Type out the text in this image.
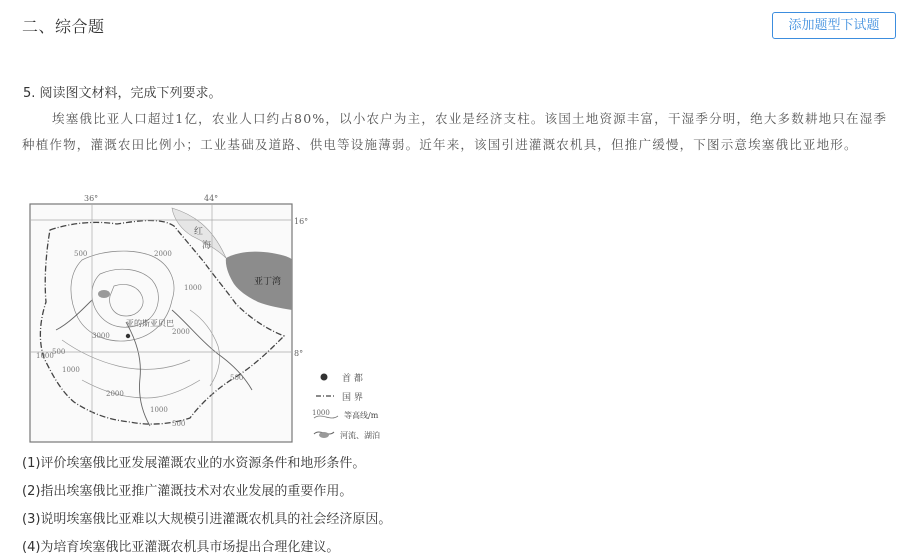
二、综合题	添加题型下试题
5. 阅读图文材料，完成下列要求。
埃塞俄比亚人口超过1亿，农业人口约占80%，以小农户为主，农业是经济支柱。该国土地资源丰富，干湿季分明，绝大多数耕地只在湿季种植作物，灌溉农田比例小；工业基础及道路、供电等设施薄弱。近年来，该国引进灌溉农机具，但推广缓慢，下图示意埃塞俄比亚地形。
36°	44°
16°
8°
红
海
亚丁湾
亚的斯亚贝巴
2000
500
1000
3000	2000
1000
500
500
1000
2000
1000
500
首 都
国 界
1000 等高线/m
河流、湖泊
(1)评价埃塞俄比亚发展灌溉农业的水资源条件和地形条件。
(2)指出埃塞俄比亚推广灌溉技术对农业发展的重要作用。
(3)说明埃塞俄比亚难以大规模引进灌溉农机具的社会经济原因。
(4)为培育埃塞俄比亚灌溉农机具市场提出合理化建议。
